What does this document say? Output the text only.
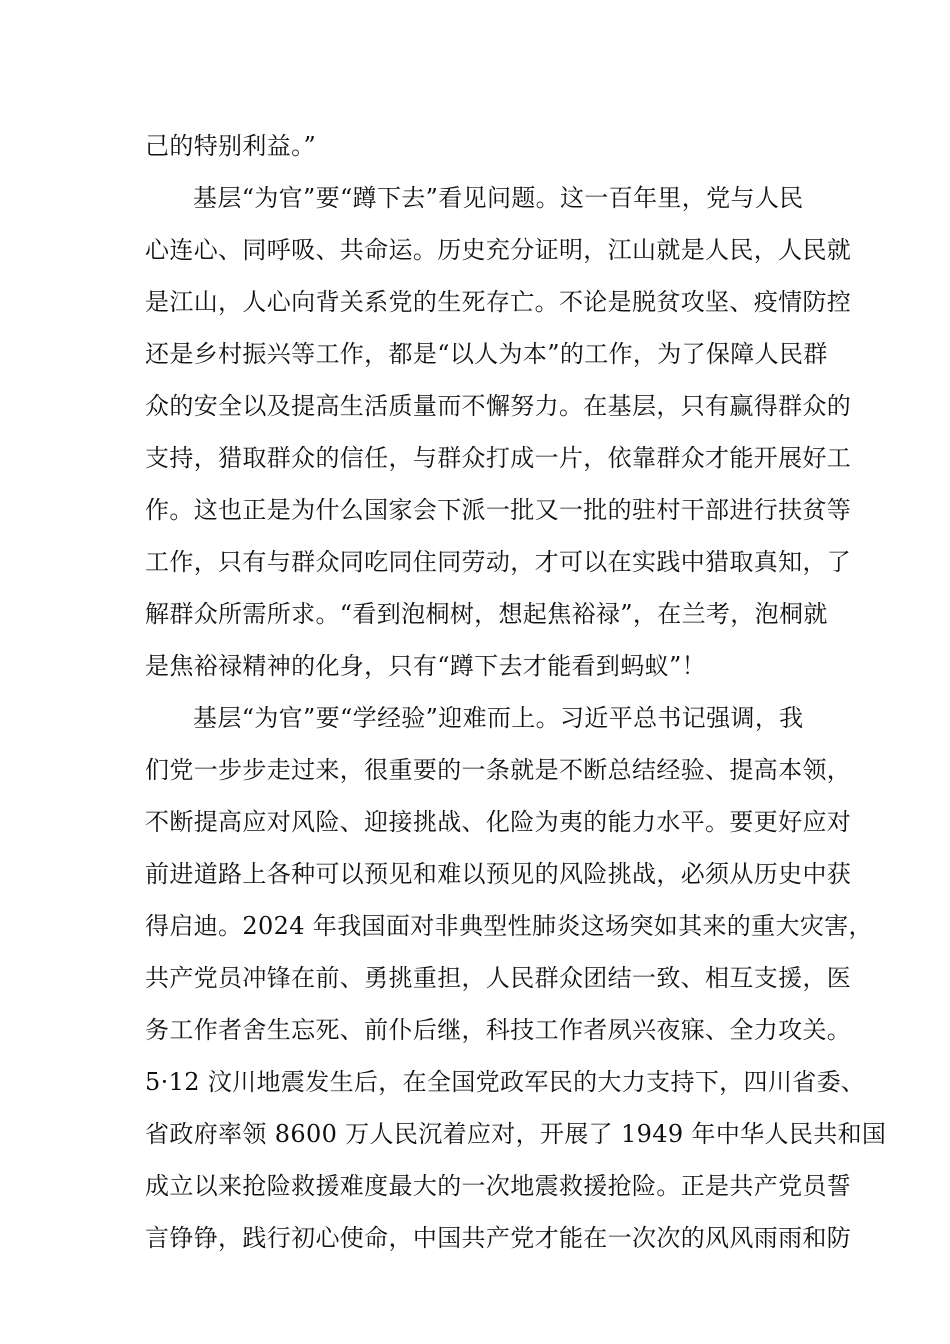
己的特别利益。”
基层“为官”要“蹲下去”看见问题。这一百年里，党与人民
心连心、同呼吸、共命运。历史充分证明，江山就是人民，人民就
是江山，人心向背关系党的生死存亡。不论是脱贫攻坚、疫情防控
还是乡村振兴等工作，都是“以人为本”的工作，为了保障人民群
众的安全以及提高生活质量而不懈努力。在基层，只有赢得群众的
支持，猎取群众的信任，与群众打成一片，依靠群众才能开展好工
作。这也正是为什么国家会下派一批又一批的驻村干部进行扶贫等
工作，只有与群众同吃同住同劳动，才可以在实践中猎取真知，了
解群众所需所求。“看到泡桐树，想起焦裕禄”，在兰考，泡桐就
是焦裕禄精神的化身，只有“蹲下去才能看到蚂蚁”！
基层“为官”要“学经验”迎难而上。习近平总书记强调，我
们党一步步走过来，很重要的一条就是不断总结经验、提高本领，
不断提高应对风险、迎接挑战、化险为夷的能力水平。要更好应对
前进道路上各种可以预见和难以预见的风险挑战，必须从历史中获
得启迪。2024 年我国面对非典型性肺炎这场突如其来的重大灾害，
共产党员冲锋在前、勇挑重担，人民群众团结一致、相互支援，医
务工作者舍生忘死、前仆后继，科技工作者夙兴夜寐、全力攻关。
5·12 汶川地震发生后，在全国党政军民的大力支持下，四川省委、
省政府率领 8600 万人民沉着应对，开展了 1949 年中华人民共和国
成立以来抢险救援难度最大的一次地震救援抢险。正是共产党员誓
言铮铮，践行初心使命，中国共产党才能在一次次的风风雨雨和防
